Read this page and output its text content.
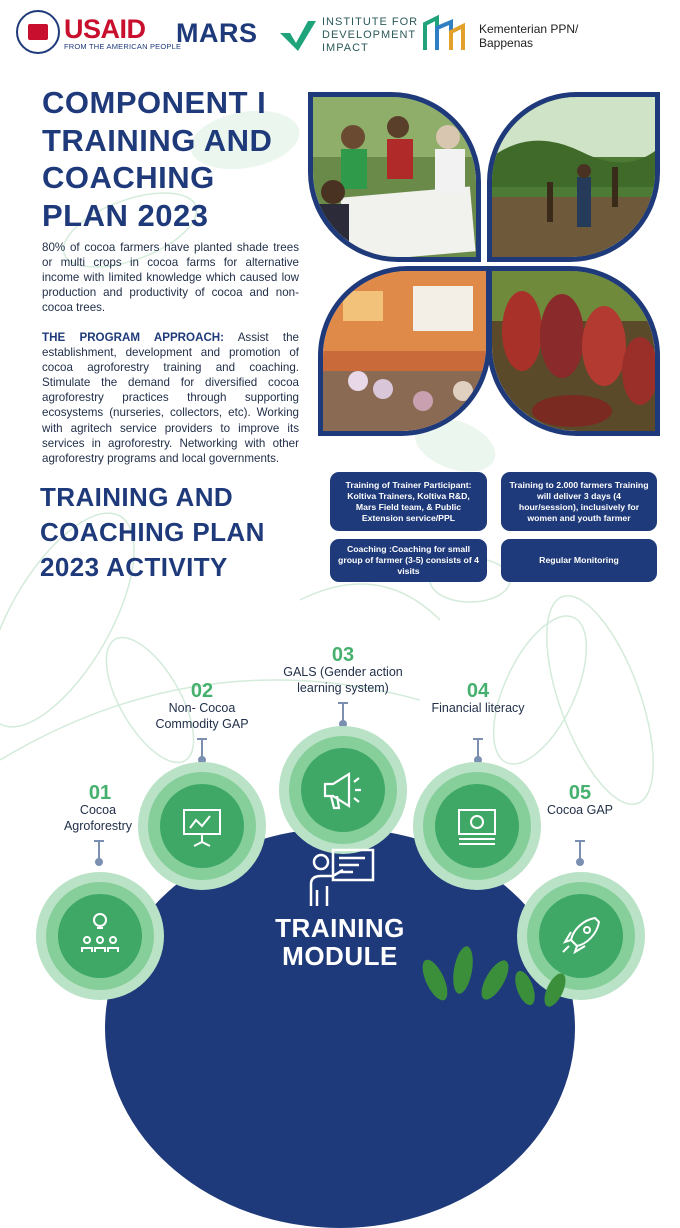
USAID
FROM THE AMERICAN PEOPLE
MARS	INSTITUTE FOR
DEVELOPMENT
IMPACT
Kementerian PPN/
Bappenas
COMPONENT I
TRAINING AND
COACHING
PLAN 2023
80% of cocoa farmers have planted shade trees or multi crops in cocoa farms for alternative income with limited knowledge which caused low production and productivity of cocoa and non-cocoa trees.
THE PROGRAM APPROACH: Assist the establishment, development and promotion of cocoa agroforestry training and coaching. Stimulate the demand for diversified cocoa agroforestry practices through supporting ecosystems (nurseries, collectors, etc). Working with agritech service providers to improve its services in agroforestry. Networking with other agroforestry programs and local governments.
TRAINING AND
COACHING PLAN
2023 ACTIVITY
Training of Trainer Participant: Koltiva Trainers, Koltiva R&D, Mars Field team, & Public Extension service/PPL
Training to 2.000 farmers Training will deliver 3 days (4 hour/session), inclusively for women and youth farmer
Coaching :Coaching for small group of farmer (3-5) consists of 4 visits
Regular Monitoring
01
Cocoa Agroforestry
02
Non- Cocoa Commodity GAP
03
GALS (Gender action learning system)	04
Financial literacy
05
Cocoa GAP
TRAINING
MODULE
